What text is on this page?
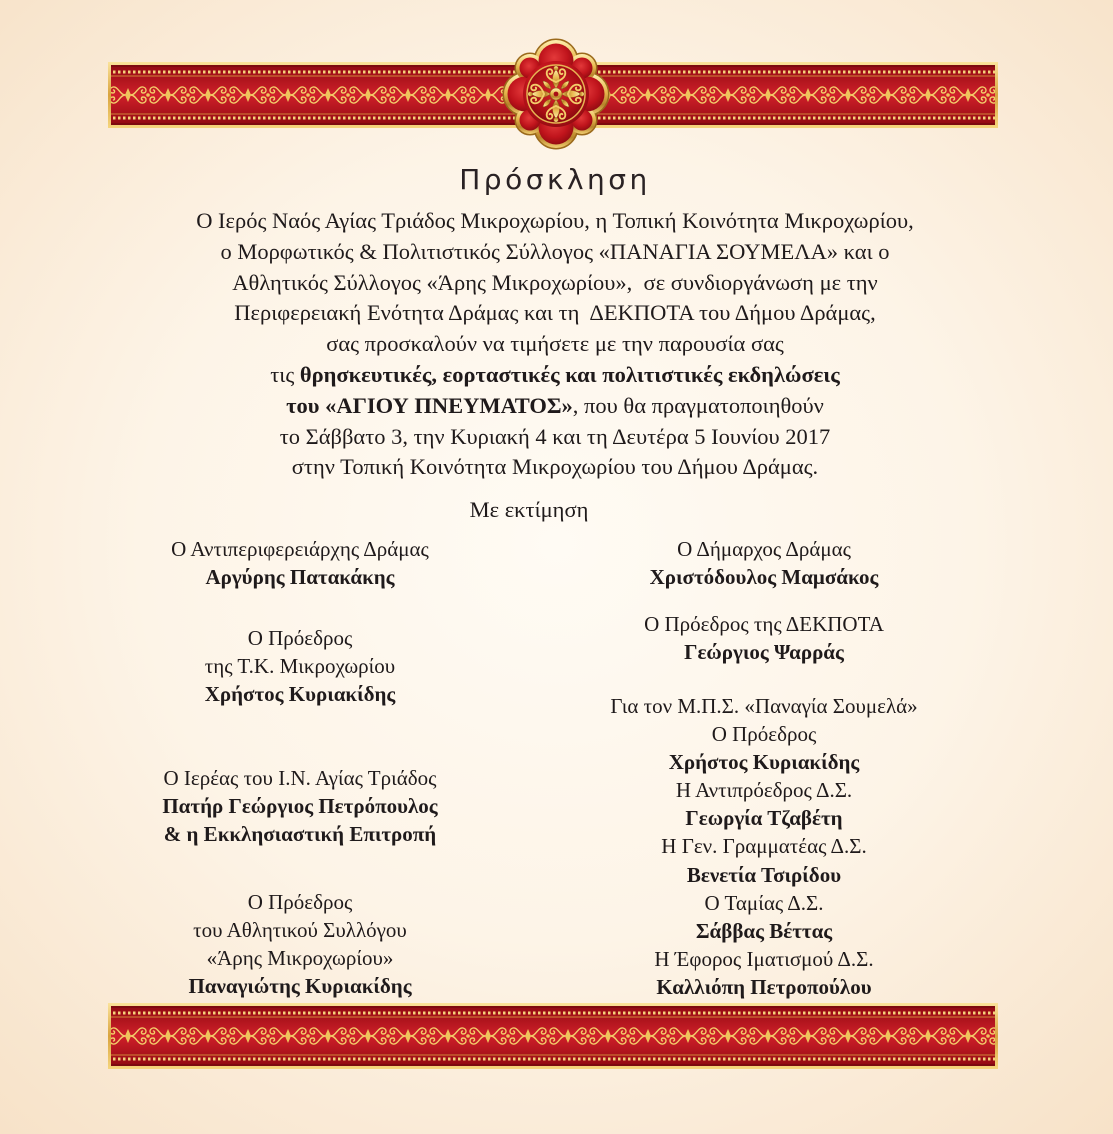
Πρόσκληση
Ο Ιερός Ναός Αγίας Τριάδος Μικροχωρίου, η Τοπική Κοινότητα Μικροχωρίου,
ο Μορφωτικός & Πολιτιστικός Σύλλογος «ΠΑΝΑΓΙΑ ΣΟΥΜΕΛΑ» και ο
Αθλητικός Σύλλογος «Άρης Μικροχωρίου»,  σε συνδιοργάνωση με την
Περιφερειακή Ενότητα Δράμας και τη  ΔΕΚΠΟΤΑ του Δήμου Δράμας,
σας προσκαλούν να τιμήσετε με την παρουσία σας
τις θρησκευτικές, εορταστικές και πολιτιστικές εκδηλώσεις
του «ΑΓΙΟΥ ΠΝΕΥΜΑΤΟΣ», που θα πραγματοποιηθούν
το Σάββατο 3, την Κυριακή 4 και τη Δευτέρα 5 Ιουνίου 2017
στην Τοπική Κοινότητα Μικροχωρίου του Δήμου Δράμας.
Με εκτίμηση
Ο Αντιπεριφερειάρχης Δράμας
Αργύρης Πατακάκης
Ο Πρόεδρος
της Τ.Κ. Μικροχωρίου
Χρήστος Κυριακίδης
Ο Ιερέας του Ι.Ν. Αγίας Τριάδος
Πατήρ Γεώργιος Πετρόπουλος
& η Εκκλησιαστική Επιτροπή
Ο Πρόεδρος
του Αθλητικού Συλλόγου
«Άρης Μικροχωρίου»
Παναγιώτης Κυριακίδης
Ο Δήμαρχος Δράμας
Χριστόδουλος Μαμσάκος
Ο Πρόεδρος της ΔΕΚΠΟΤΑ
Γεώργιος Ψαρράς
Για τον Μ.Π.Σ. «Παναγία Σουμελά»
Ο Πρόεδρος
Χρήστος Κυριακίδης
Η Αντιπρόεδρος Δ.Σ.
Γεωργία Τζαβέτη
Η Γεν. Γραμματέας Δ.Σ.
Βενετία Τσιρίδου
Ο Ταμίας Δ.Σ.
Σάββας Βέττας
Η Έφορος Ιματισμού Δ.Σ.
Καλλιόπη Πετροπούλου
